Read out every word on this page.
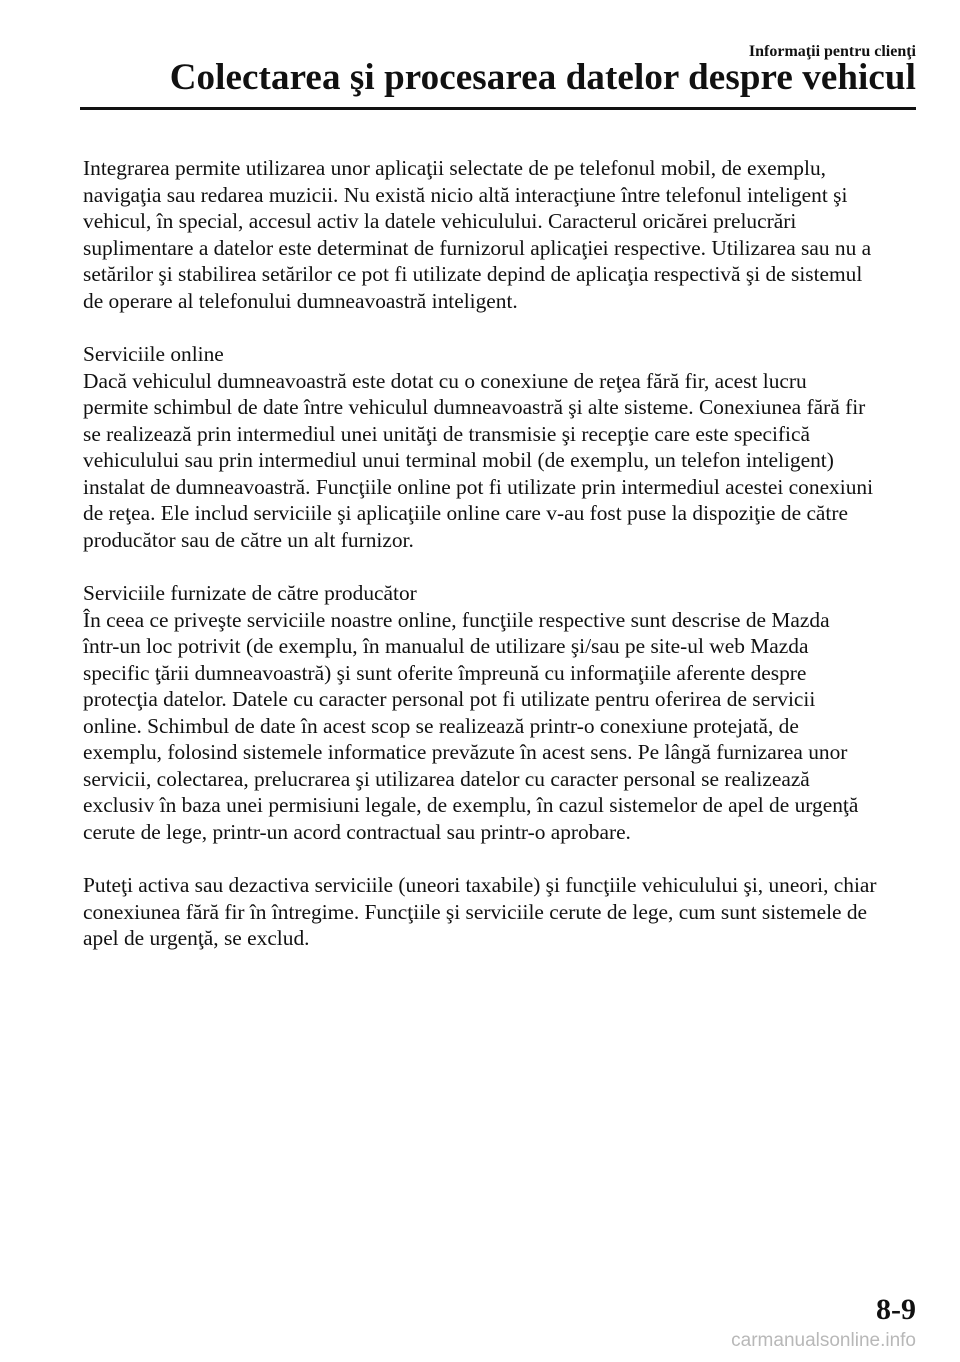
Informaţii pentru clienţi
Colectarea şi procesarea datelor despre vehicul

Integrarea permite utilizarea unor aplicaţii selectate de pe telefonul mobil, de exemplu,
navigaţia sau redarea muzicii. Nu există nicio altă interacţiune între telefonul inteligent şi
vehicul, în special, accesul activ la datele vehiculului. Caracterul oricărei prelucrări
suplimentare a datelor este determinat de furnizorul aplicaţiei respective. Utilizarea sau nu a
setărilor şi stabilirea setărilor ce pot fi utilizate depind de aplicaţia respectivă şi de sistemul
de operare al telefonului dumneavoastră inteligent.

Serviciile online
Dacă vehiculul dumneavoastră este dotat cu o conexiune de reţea fără fir, acest lucru
permite schimbul de date între vehiculul dumneavoastră şi alte sisteme. Conexiunea fără fir
se realizează prin intermediul unei unităţi de transmisie şi recepţie care este specifică
vehiculului sau prin intermediul unui terminal mobil (de exemplu, un telefon inteligent)
instalat de dumneavoastră. Funcţiile online pot fi utilizate prin intermediul acestei conexiuni
de reţea. Ele includ serviciile şi aplicaţiile online care v-au fost puse la dispoziţie de către
producător sau de către un alt furnizor.

Serviciile furnizate de către producător
În ceea ce priveşte serviciile noastre online, funcţiile respective sunt descrise de Mazda
într-un loc potrivit (de exemplu, în manualul de utilizare şi/sau pe site-ul web Mazda
specific ţării dumneavoastră) şi sunt oferite împreună cu informaţiile aferente despre
protecţia datelor. Datele cu caracter personal pot fi utilizate pentru oferirea de servicii
online. Schimbul de date în acest scop se realizează printr-o conexiune protejată, de
exemplu, folosind sistemele informatice prevăzute în acest sens. Pe lângă furnizarea unor
servicii, colectarea, prelucrarea şi utilizarea datelor cu caracter personal se realizează
exclusiv în baza unei permisiuni legale, de exemplu, în cazul sistemelor de apel de urgenţă
cerute de lege, printr-un acord contractual sau printr-o aprobare.

Puteţi activa sau dezactiva serviciile (uneori taxabile) şi funcţiile vehiculului şi, uneori, chiar
conexiunea fără fir în întregime. Funcţiile şi serviciile cerute de lege, cum sunt sistemele de
apel de urgenţă, se exclud.

8-9
carmanualsonline.info
